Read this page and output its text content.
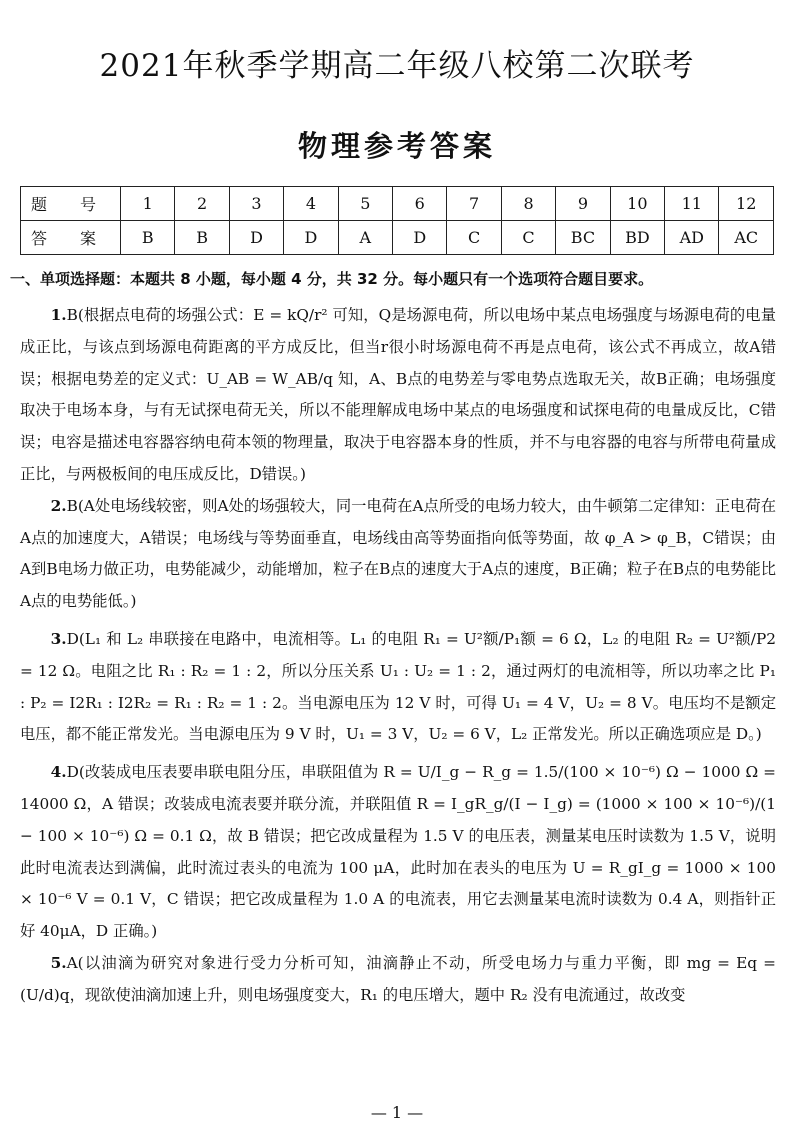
2021年秋季学期高二年级八校第二次联考
物理参考答案
题 号	1	2	3	4	5	6	7	8	9	10	11	12
答 案	B	B	D	D	A	D	C	C	BC	BD	AD	AC
一、单项选择题：本题共 8 小题，每小题 4 分，共 32 分。每小题只有一个选项符合题目要求。

1.B(根据点电荷的场强公式：E = kQ/r² 可知，Q是场源电荷，所以电场中某点电场强度与场源电荷的电量成正比，与该点到场源电荷距离的平方成反比，但当r很小时场源电荷不再是点电荷，该公式不再成立，故A错误；根据电势差的定义式：U_AB = W_AB/q 知，A、B点的电势差与零电势点选取无关，故B正确；电场强度取决于电场本身，与有无试探电荷无关，所以不能理解成电场中某点的电场强度和试探电荷的电量成反比，C错误；电容是描述电容器容纳电荷本领的物理量，取决于电容器本身的性质，并不与电容器的电容与所带电荷量成正比，与两极板间的电压成反比，D错误。)

2.B(A处电场线较密，则A处的场强较大，同一电荷在A点所受的电场力较大，由牛顿第二定律知：正电荷在A点的加速度大，A错误；电场线与等势面垂直，电场线由高等势面指向低等势面，故 φ_A > φ_B，C错误；由A到B电场力做正功，电势能减少，动能增加，粒子在B点的速度大于A点的速度，B正确；粒子在B点的电势能比A点的电势能低。)

3.D(L₁ 和 L₂ 串联接在电路中，电流相等。L₁ 的电阻 R₁ = U²额/P₁额 = 6 Ω，L₂ 的电阻 R₂ = U²额/P2 = 12 Ω。电阻之比 R₁ : R₂ = 1 : 2，所以分压关系 U₁ : U₂ = 1 : 2，通过两灯的电流相等，所以功率之比 P₁ : P₂ = I2R₁ : I2R₂ = R₁ : R₂ = 1 : 2。当电源电压为 12 V 时，可得 U₁ = 4 V，U₂ = 8 V。电压均不是额定电压，都不能正常发光。当电源电压为 9 V 时，U₁ = 3 V，U₂ = 6 V，L₂ 正常发光。所以正确选项应是 D。)

4.D(改装成电压表要串联电阻分压，串联阻值为 R = U/I_g − R_g = 1.5/(100 × 10⁻⁶) Ω − 1000 Ω = 14000 Ω，A 错误；改装成电流表要并联分流，并联阻值 R = I_gR_g/(I − I_g) = (1000 × 100 × 10⁻⁶)/(1 − 100 × 10⁻⁶) Ω = 0.1 Ω，故 B 错误；把它改成量程为 1.5 V 的电压表，测量某电压时读数为 1.5 V，说明此时电流表达到满偏，此时流过表头的电流为 100 μA，此时加在表头的电压为 U = R_gI_g = 1000 × 100 × 10⁻⁶ V = 0.1 V，C 错误；把它改成量程为 1.0 A 的电流表，用它去测量某电流时读数为 0.4 A，则指针正好 40μA，D 正确。)

5.A(以油滴为研究对象进行受力分析可知，油滴静止不动，所受电场力与重力平衡，即 mg = Eq = (U/d)q，现欲使油滴加速上升，则电场强度变大，R₁ 的电压增大，题中 R₂ 没有电流通过，故改变

— 1 —
